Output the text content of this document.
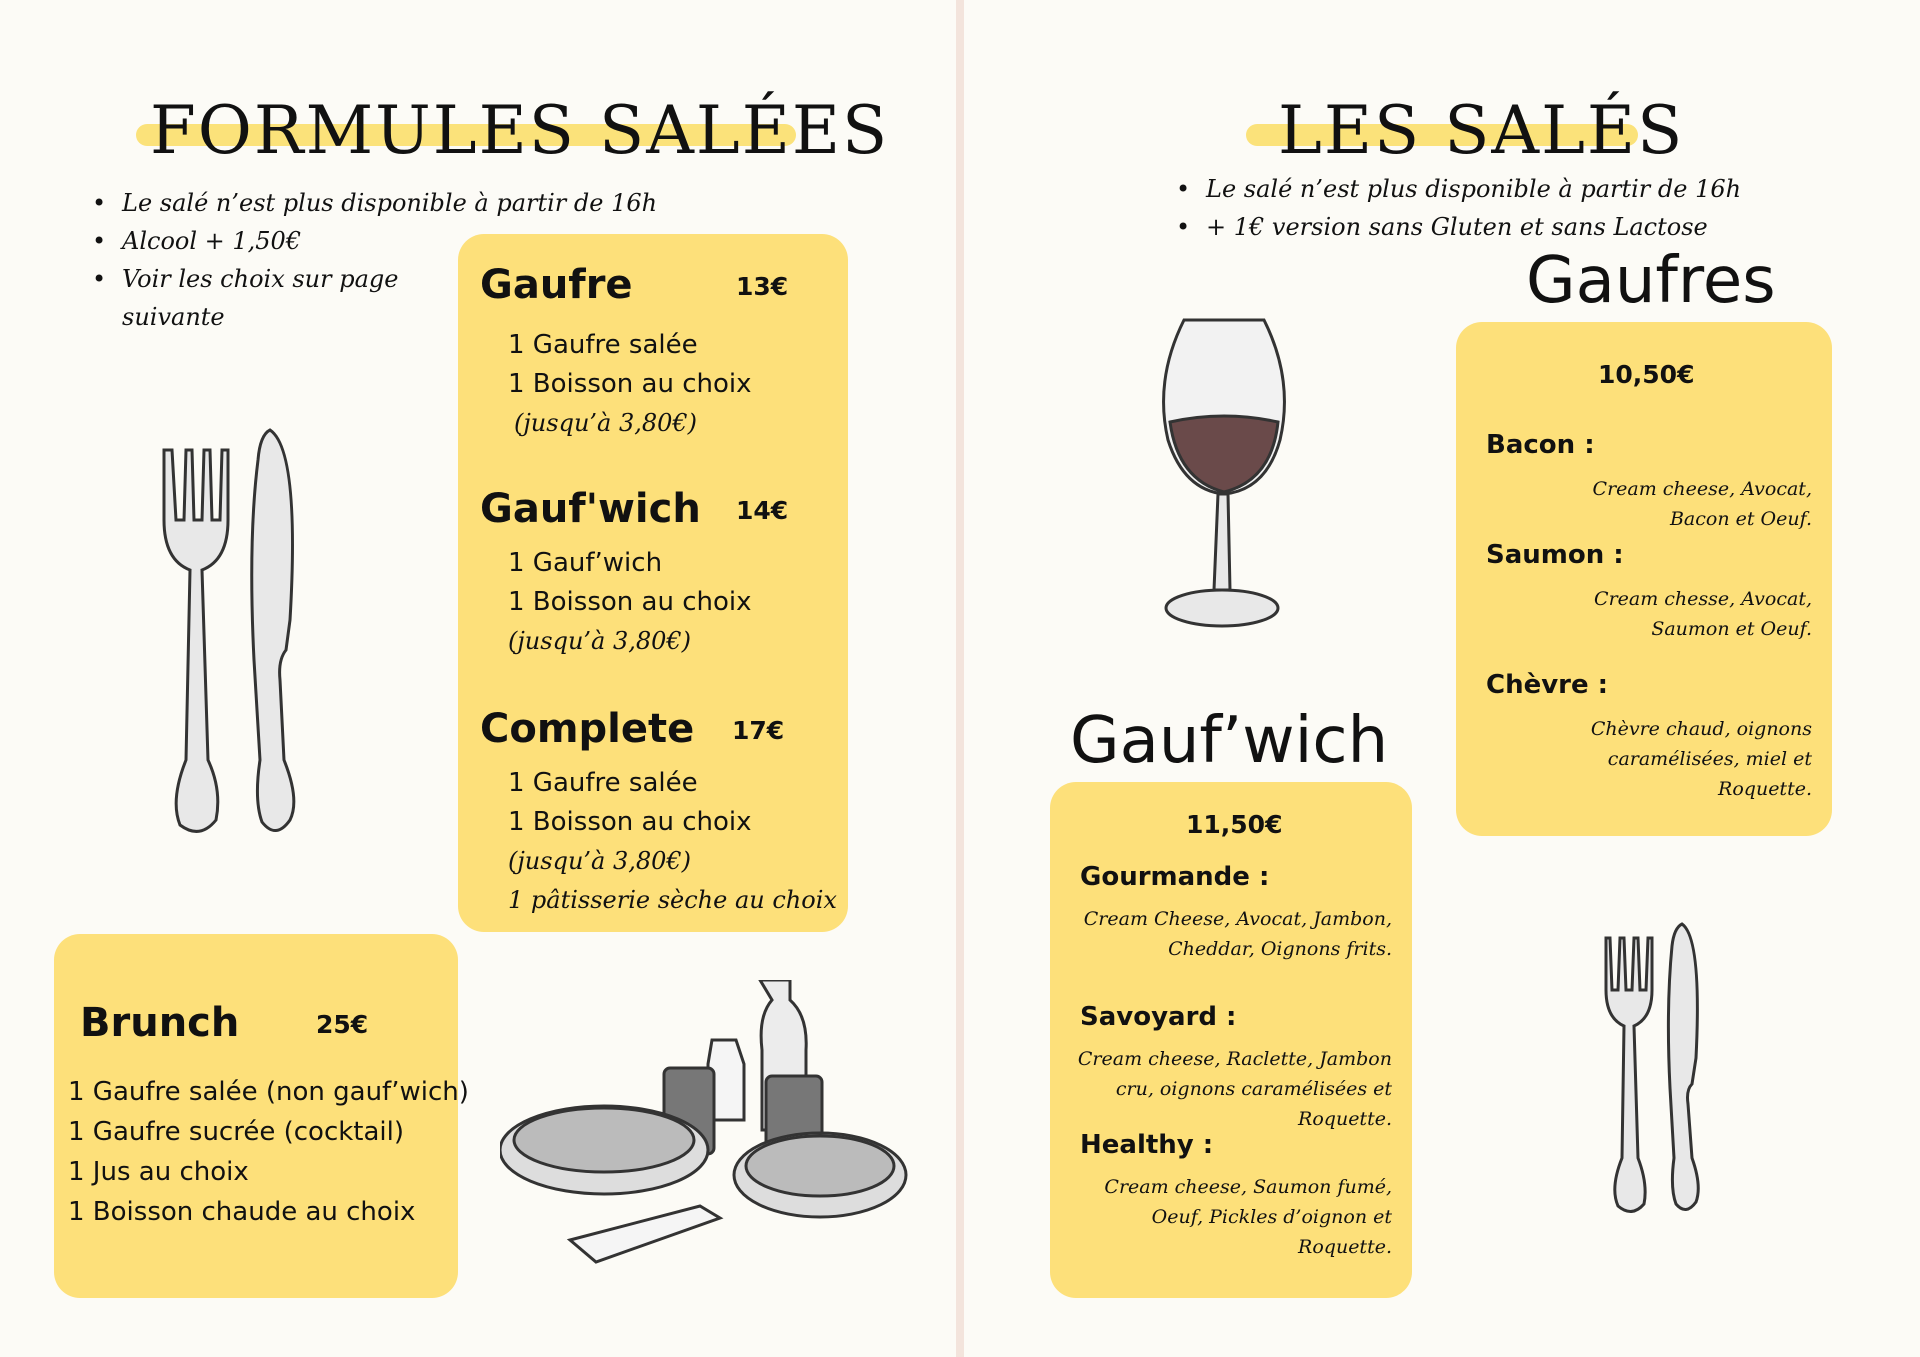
FORMULES SALÉES
• Le salé n’est plus disponible à partir de 16h
• Alcool + 1,50€
• Voir les choix sur page suivante
Gaufre	13€
1 Gaufre salée
1 Boisson au choix
(jusqu’à 3,80€)
Gauf'wich 14€
1 Gauf’wich
1 Boisson au choix
(jusqu’à 3,80€)
Complete 17€
1 Gaufre salée
1 Boisson au choix
(jusqu’à 3,80€)
1 pâtisserie sèche au choix
Brunch	25€
1 Gaufre salée (non gauf’wich)
1 Gaufre sucrée (cocktail)
1 Jus au choix
1 Boisson chaude au choix
LES SALÉS
• Le salé n’est plus disponible à partir de 16h
• + 1€ version sans Gluten et sans Lactose
Gaufres
10,50€
Bacon :
Cream cheese, Avocat,
Bacon et Oeuf.
Saumon :
Cream chesse, Avocat,
Saumon et Oeuf.
Chèvre :
Chèvre chaud, oignons
caramélisées, miel et
Roquette.
Gauf’wich
11,50€
Gourmande :
Cream Cheese, Avocat, Jambon,
Cheddar, Oignons frits.
Savoyard :
Cream cheese, Raclette, Jambon
cru, oignons caramélisées et
Roquette.
Healthy :
Cream cheese, Saumon fumé,
Oeuf, Pickles d’oignon et
Roquette.
